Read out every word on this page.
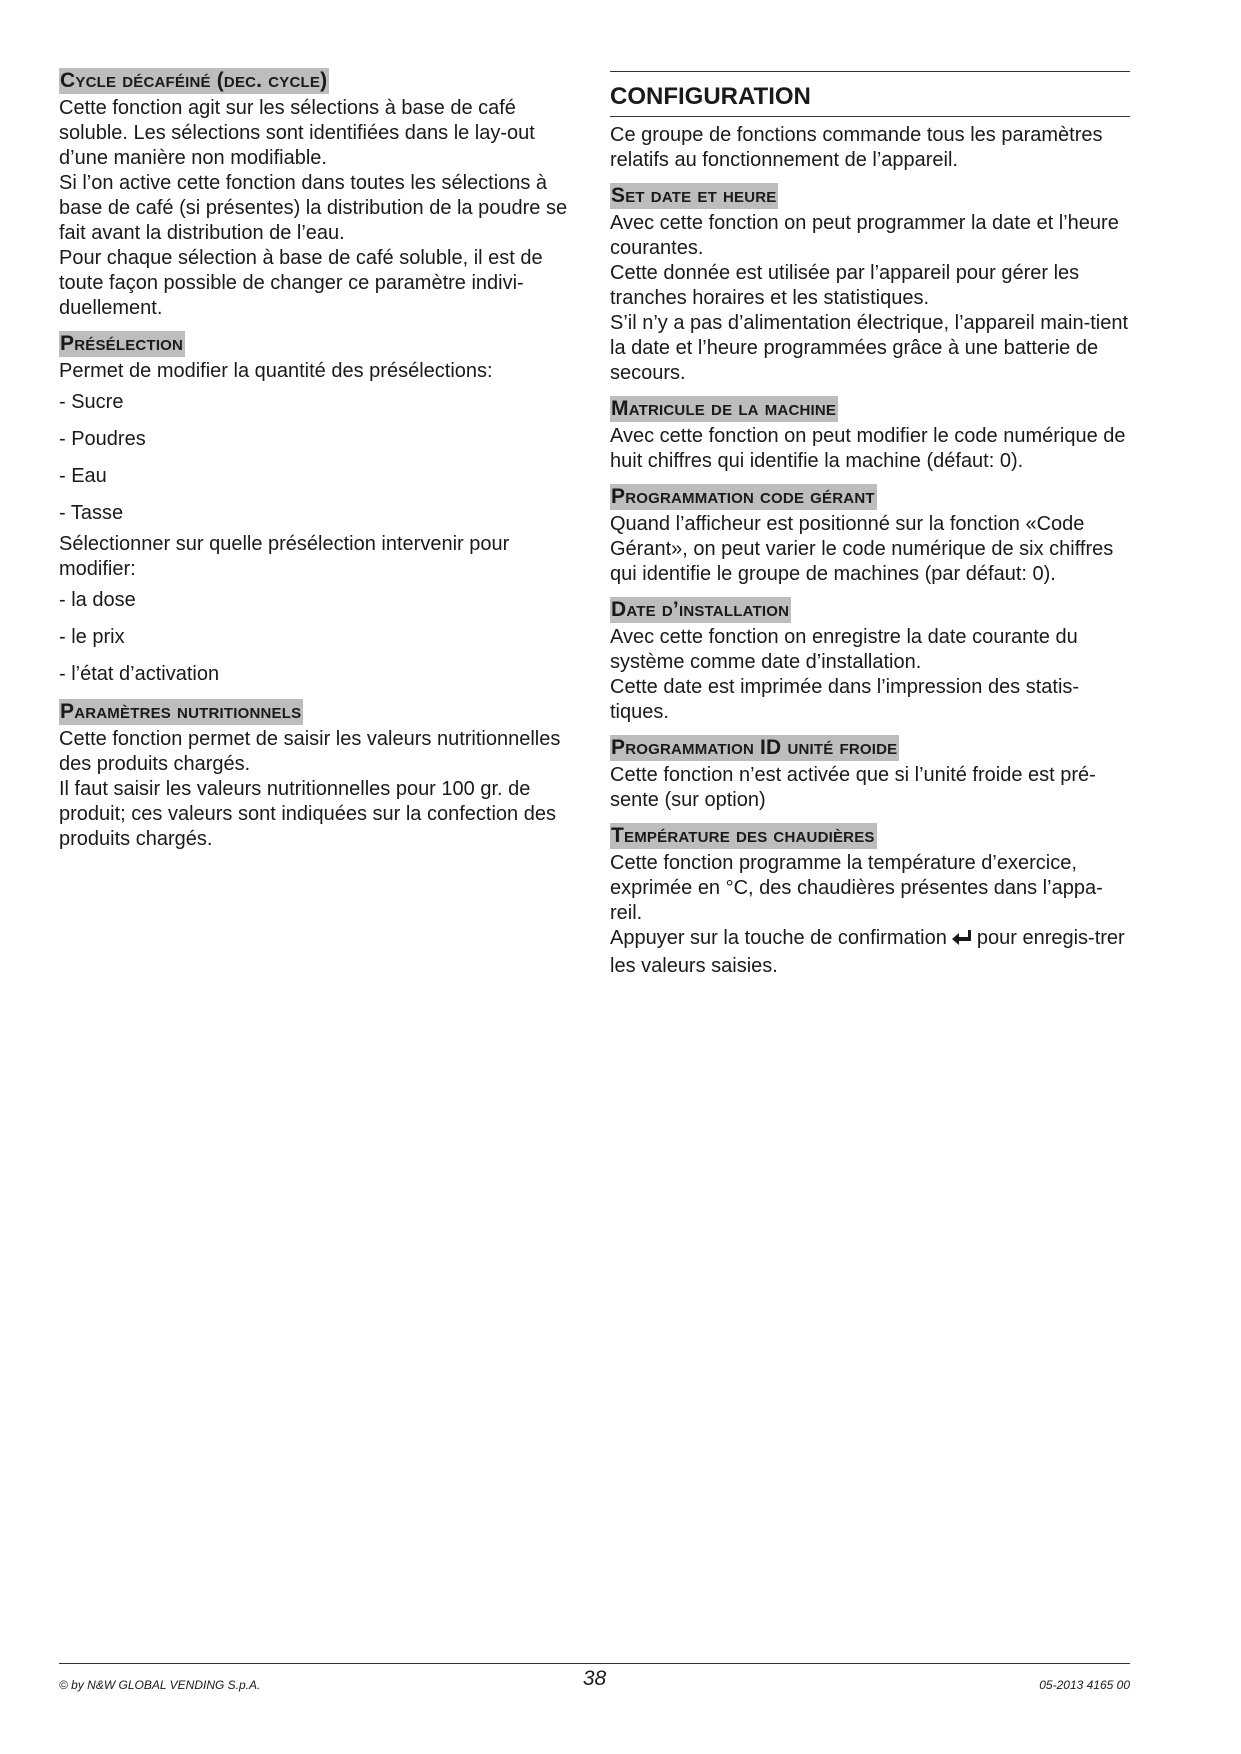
Cycle décaféiné (dec. cycle)

Cette fonction agit sur les sélections à base de café soluble. Les sélections sont identifiées dans le lay-out d’une manière non modifiable.

Si l’on active cette fonction dans toutes les sélections à base de café (si présentes) la distribution de la poudre se fait avant la distribution de l’eau.

Pour chaque sélection à base de café soluble, il est de toute façon possible de changer ce paramètre indivi-duellement.

Présélection

Permet de modifier la quantité des présélections:

- Sucre

- Poudres

- Eau

- Tasse

Sélectionner sur quelle présélection intervenir pour modifier:

- la dose

- le prix

- l’état d’activation

Paramètres nutritionnels

Cette fonction permet de saisir les valeurs nutritionnelles des produits chargés.

Il faut saisir les valeurs nutritionnelles pour 100 gr. de produit; ces valeurs sont indiquées sur la confection des produits chargés.

CONFIGURATION

Ce groupe de fonctions commande tous les paramètres relatifs au fonctionnement de l’appareil.

Set date et heure

Avec cette fonction on peut programmer la date et l’heure courantes.

Cette donnée est utilisée par l’appareil pour gérer les tranches horaires et les statistiques.

S’il n’y a pas d’alimentation électrique, l’appareil main-tient la date et l’heure programmées grâce à une batterie de secours.

Matricule de la machine

Avec cette fonction on peut modifier le code numérique de huit chiffres qui identifie la machine (défaut: 0).

Programmation code gérant

Quand l’afficheur est positionné sur la fonction «Code Gérant», on peut varier le code numérique de six chiffres qui identifie le groupe de machines (par défaut: 0).

Date d’installation

Avec cette fonction on enregistre la date courante du système comme date d’installation.

Cette date est imprimée dans l’impression des statis-tiques.

Programmation ID unité froide

Cette fonction n’est activée que si l’unité froide est pré-sente (sur option)

Température des chaudières

Cette fonction programme la température d’exercice, exprimée en °C, des chaudières présentes dans l’appa-reil.

Appuyer sur la touche de confirmation pour enregis-trer les valeurs saisies.

© by N&W GLOBAL VENDING S.p.A.	38	05-2013 4165 00
